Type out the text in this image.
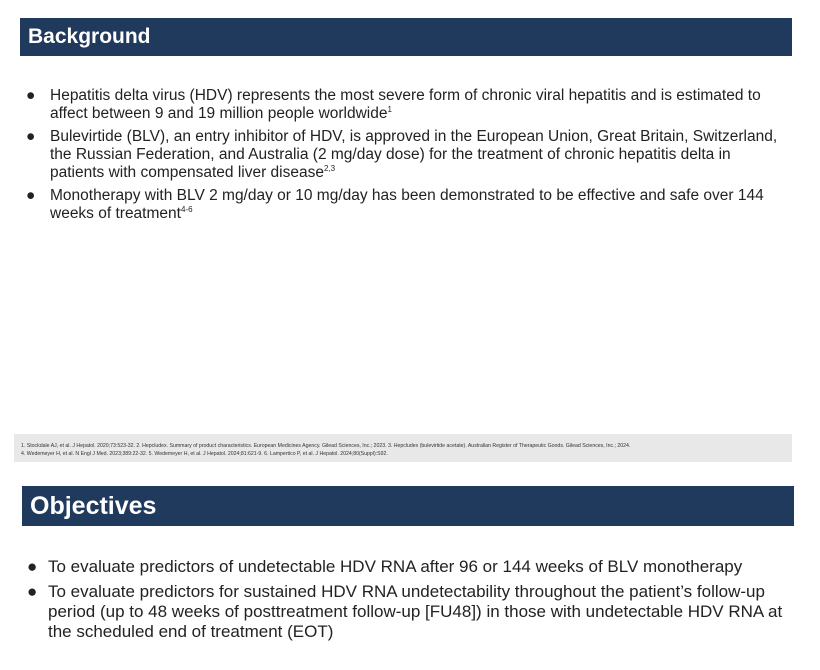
Background
● Hepatitis delta virus (HDV) represents the most severe form of chronic viral hepatitis and is estimated to affect between 9 and 19 million people worldwide$^1$
● Bulevirtide (BLV), an entry inhibitor of HDV, is approved in the European Union, Great Britain, Switzerland, the Russian Federation, and Australia (2 mg/day dose) for the treatment of chronic hepatitis delta in patients with compensated liver disease$^{2,3}$
● Monotherapy with BLV 2 mg/day or 10 mg/day has been demonstrated to be effective and safe over 144 weeks of treatment$^{4-6}$
1. Stockdale AJ, et al. J Hepatol. 2020;73:523-32. 2. Hepcludex. Summary of product characteristics. European Medicines Agency. Gilead Sciences, Inc.; 2023. 3. Hepcludex (bulevirtide acetate). Australian Register of Therapeutic Goods. Gilead Sciences, Inc.; 2024.
4. Wedemeyer H, et al. N Engl J Med. 2023;389:22-32. 5. Wedemeyer H, et al. J Hepatol. 2024;81:621-9. 6. Lampertico P, et al. J Hepatol. 2024;80(Suppl):S92.
Objectives
● To evaluate predictors of undetectable HDV RNA after 96 or 144 weeks of BLV monotherapy
● To evaluate predictors for sustained HDV RNA undetectability throughout the patient’s follow-up period (up to 48 weeks of posttreatment follow-up [FU48]) in those with undetectable HDV RNA at the scheduled end of treatment (EOT)
